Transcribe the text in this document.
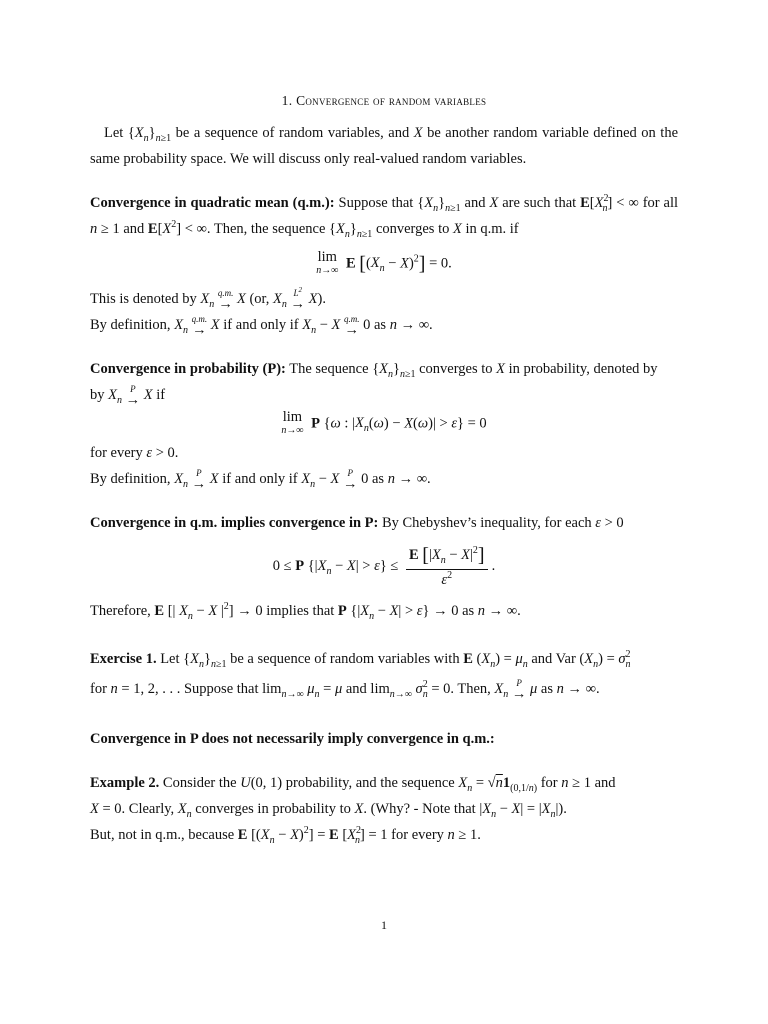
1. Convergence of random variables

Let $\{X_n\}_{n\ge 1}$ be a sequence of random variables, and X be another random variable defined on the same probability space. We will discuss only real-valued random variables.

Convergence in quadratic mean (q.m.): Suppose that $\{X_n\}_{n\ge 1}$ and X are such that $E[X^2_n]$ < ∞ for all n ≥ 1 and $E[X^2]$ < ∞. Then, the sequence $\{X_n\}_{n\ge 1}$ converges to X in q.m. if

lim
n→∞ E $[(X_n - X)^2] = 0$.

This is denoted by $X_n$
q.m.
→ X (or, $X_n$
$L^2$
→ X).

By definition, $X_n$
q.m.
→ X if and only if $X_n - X$ q.m.
→ 0 as n → ∞.

Convergence in probability (P): The sequence $\{X_n\}_{n\ge 1}$ converges to X in probability, denoted by

by $X_n$
P
→ X if

lim
n→∞ P {ω : $|X_n(\omega) - X(\omega)| > \varepsilon\} = 0$

for every ε > 0.

By definition, $X_n$
P
→ X if and only if $X_n - X$ P
→ 0 as n → ∞.

Convergence in q.m. implies convergence in P: By Chebyshev’s inequality, for each ε > 0

0 ≤ P $\{|X_n - X| > \varepsilon\} \le \frac{E [|X_n - X|^2]}{\varepsilon^2}$ .

Therefore, E [| $X_n - X$ $|^2] \to 0$ implies that P $\{|X_n - X| > \varepsilon\} \to 0$ as n → ∞.

Exercise 1. Let $\{X_n\}_{n\ge 1}$ be a sequence of random variables with E $(X_n) = \mu_n$ and Var $(X_n) = \sigma^2_n$

for n = 1, 2, . . . Suppose that $\lim_{n\to\infty} \mu_n = \mu$ and $\lim_{n\to\infty} \sigma^2_n = 0$. Then, $X_n$
P
→ μ as n → ∞.

Convergence in P does not necessarily imply convergence in q.m.:

Example 2. Consider the U(0, 1) probability, and the sequence $X_n = √n1_{(0,1/n)}$ for n ≥ 1 and

X = 0. Clearly, $X_n$ converges in probability to X. (Why? - Note that $|X_n - X| = |X_n|$).

But, not in q.m., because E $[(X_n - X)^2] = E$ $[X^2_n] = 1$ for every n ≥ 1.

1
